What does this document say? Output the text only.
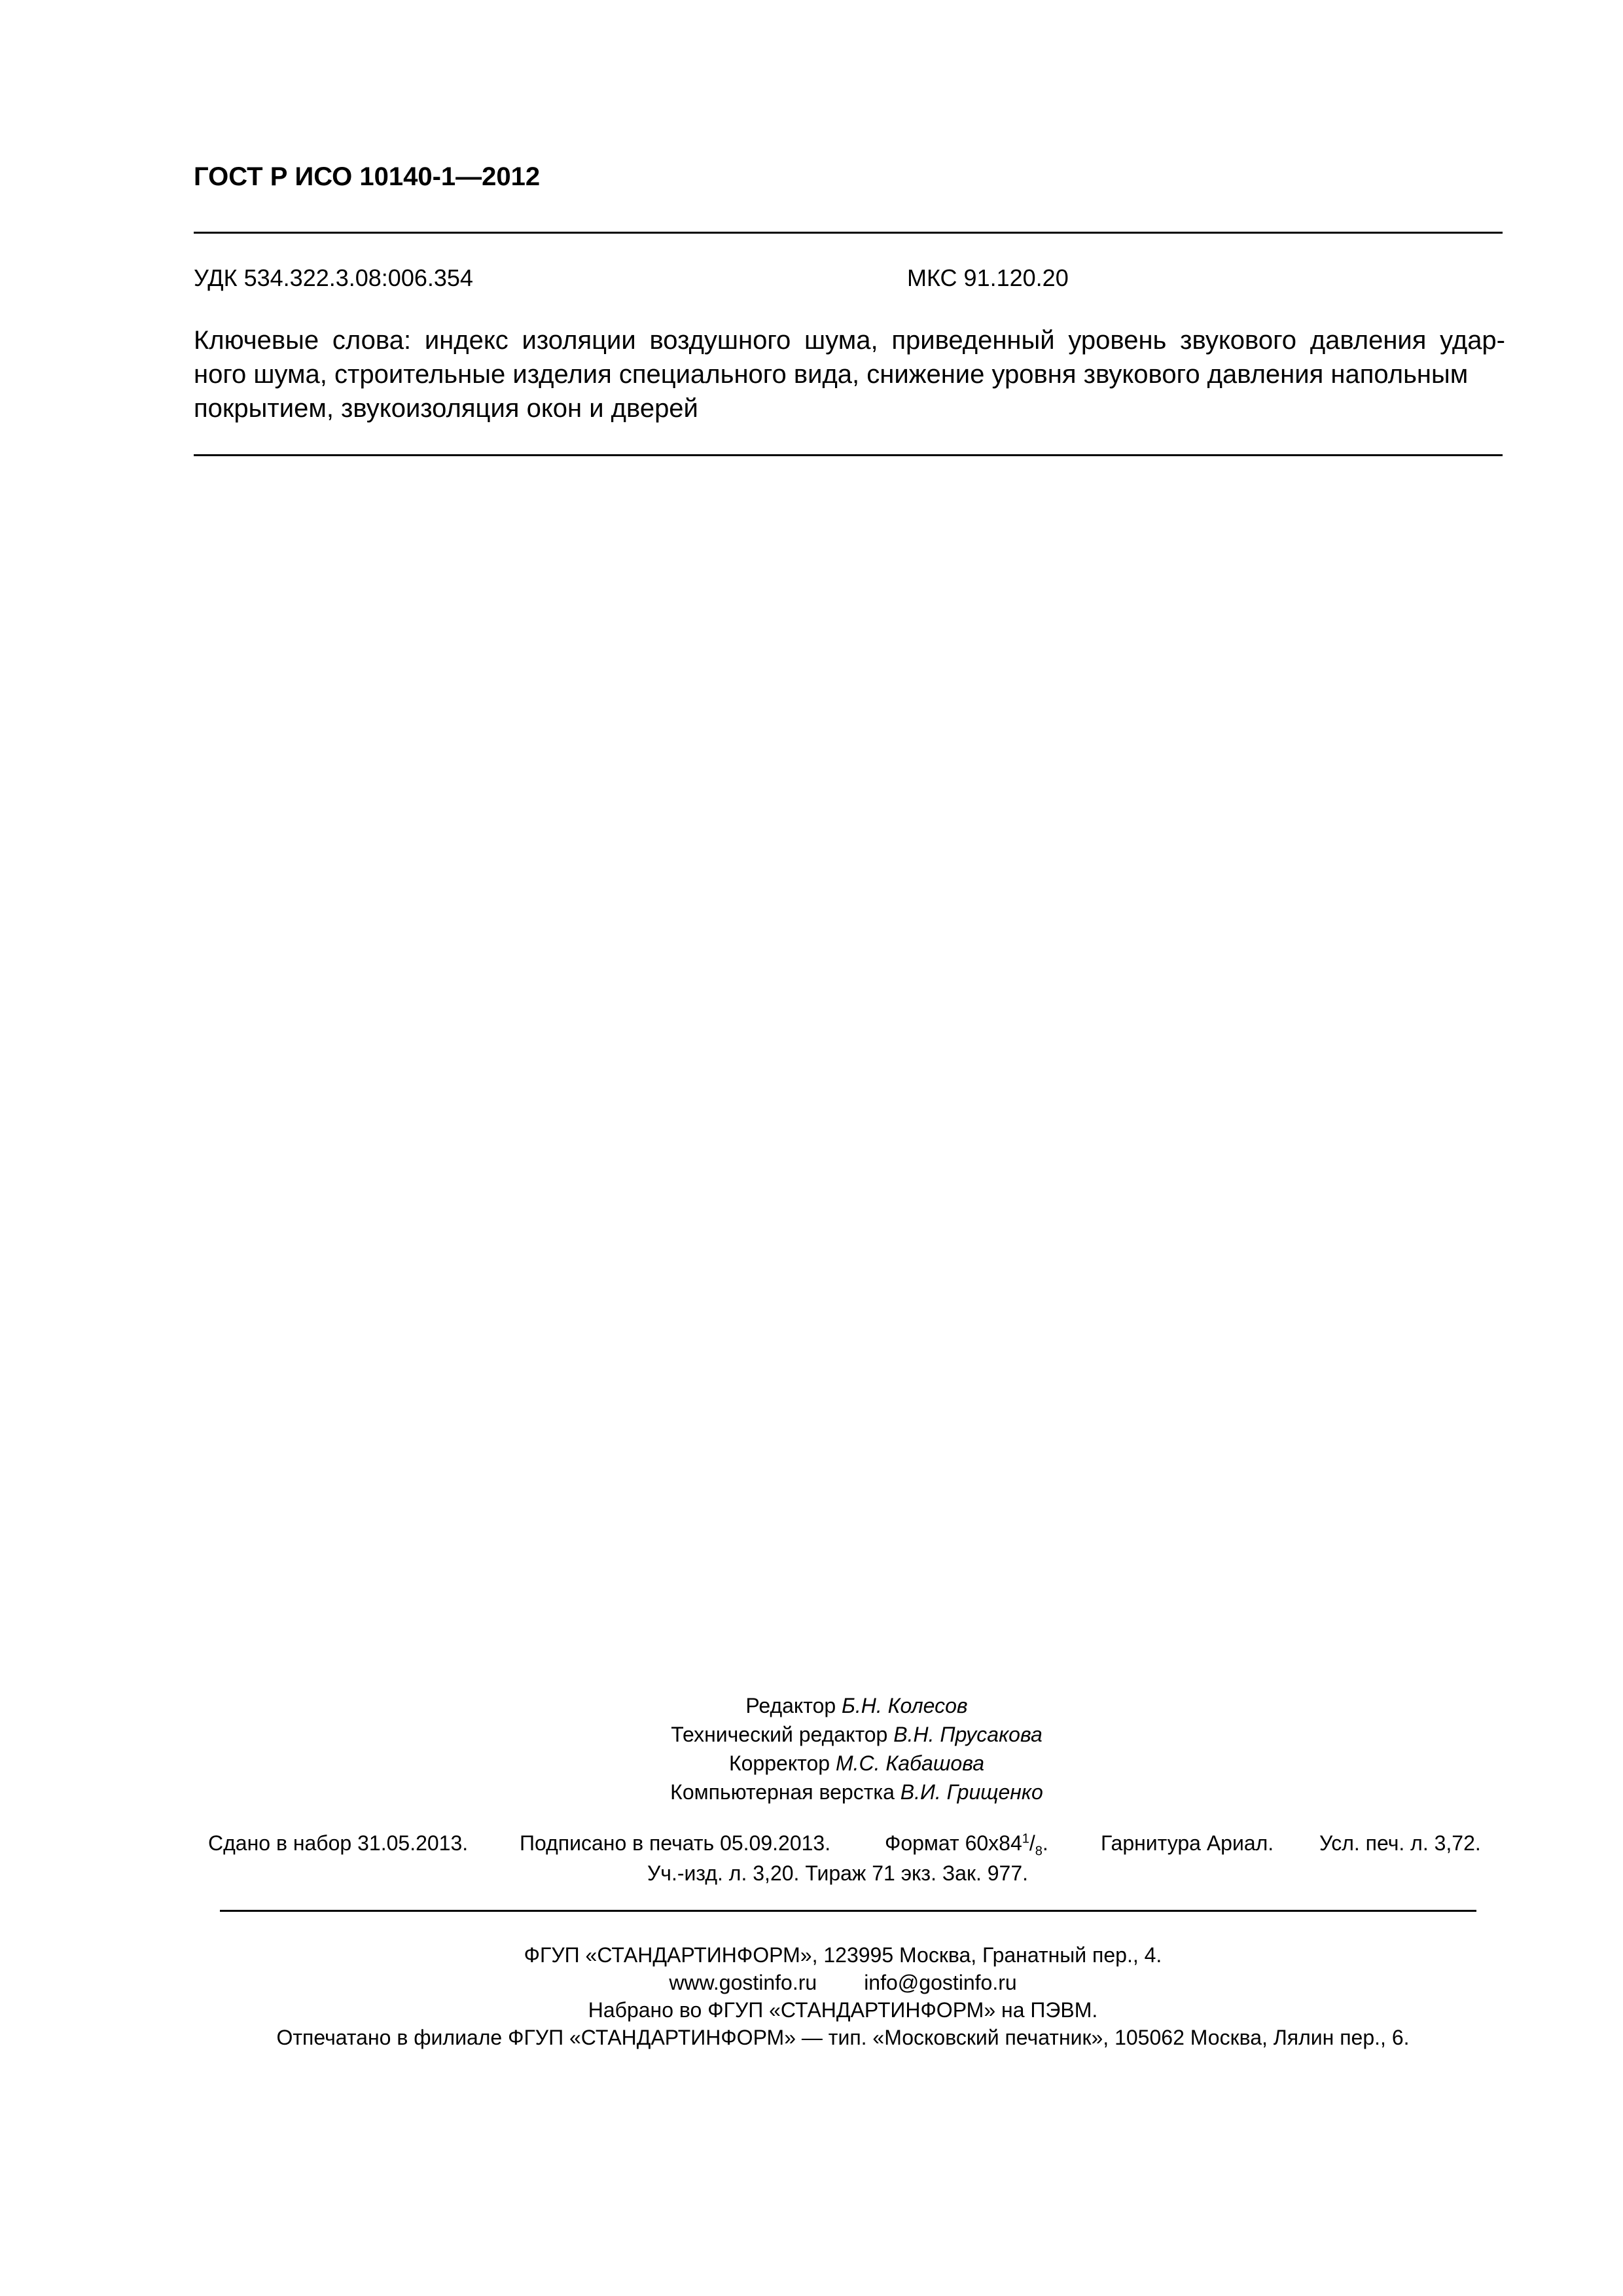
ГОСТ Р ИСО 10140-1—2012
УДК 534.322.3.08:006.354	МКС 91.120.20
Ключевые слова: индекс изоляции воздушного шума, приведенный уровень звукового давления удар-
ного шума, строительные изделия специального вида, снижение уровня звукового давления напольным
покрытием, звукоизоляция окон и дверей
Редактор Б.Н. Колесов
Технический редактор В.Н. Прусакова
Корректор М.С. Кабашова
Компьютерная верстка В.И. Грищенко
Сдано в набор 31.05.2013. Подписано в печать 05.09.2013.	Формат $60х84^1/_8$.	Гарнитура Ариал. Усл. печ. л. 3,72.
Уч.-изд. л. 3,20. Тираж 71 экз. Зак. 977.
ФГУП «СТАНДАРТИНФОРМ», 123995 Москва, Гранатный пер., 4.
www.gostinfo.ru info@gostinfo.ru
Набрано во ФГУП «СТАНДАРТИНФОРМ» на ПЭВМ.
Отпечатано в филиале ФГУП «СТАНДАРТИНФОРМ» — тип. «Московский печатник», 105062 Москва, Лялин пер., 6.
